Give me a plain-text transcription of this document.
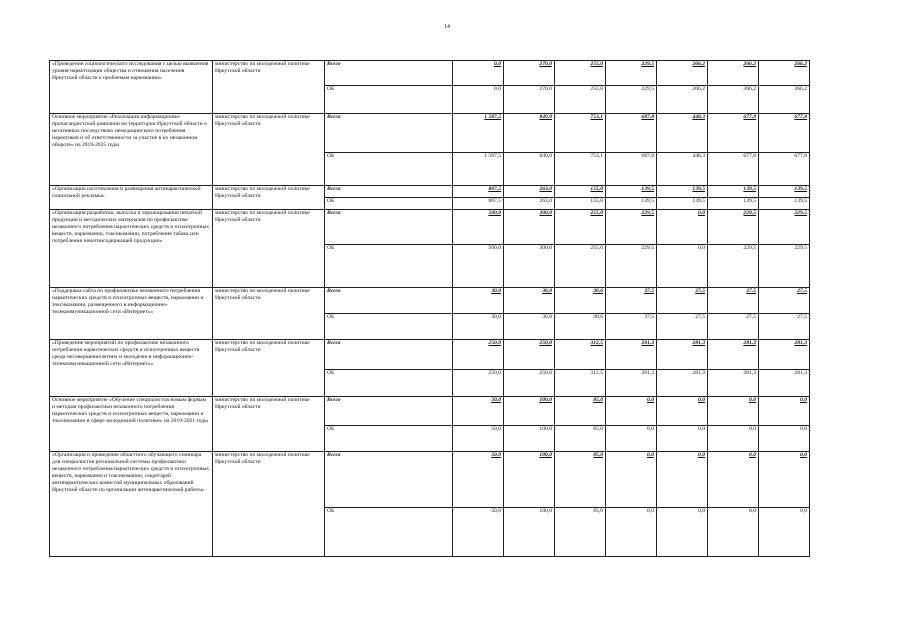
14
«Проведение социологического исследования с целью выявления уровня наркотизации общества и отношения населения Иркутской области к проблемам наркомании»	министерство по молодежной политике Иркутской области	Всего	0,0	270,0	255,0	229,5	266,2	266,2	266,2
		ОБ	0,0	270,0	255,0	229,5	266,2	266,2	266,2
Основное мероприятие «Реализация информационно-пропагандистской кампании на территории Иркутской области о негативных последствиях немедицинского потребления наркотиков и об ответственности за участие в их незаконном обороте» на 2019-2025 годы	министерство по молодежной политике Иркутской области	Всего	1 587,5	849,0	753,1	687,8	448,3	677,8	677,8
		ОБ	1 587,5	849,0	753,1	687,8	448,3	677,8	677,8
«Организация изготовления и размещения антинаркотической социальной рекламы»	министерство по молодежной политике Иркутской области	Всего	807,5	263,0	155,0	139,5	139,5	139,5	139,5
		ОБ	807,5	263,0	155,0	139,5	139,5	139,5	139,5
«Организация разработки, выпуска и тиражирования печатной продукции и методических материалов по профилактике незаконного потребления наркотических средств и психотропных веществ, наркомании, токсикомании, потребления табака или потребления никотинсодержащей продукции»	министерство по молодежной политике Иркутской области	Всего	500,0	300,0	255,0	229,5	0,0	229,5	229,5
		ОБ	500,0	300,0	255,0	229,5	0,0	229,5	229,5
«Поддержка сайта по профилактике незаконного потребления наркотических средств и психотропных веществ, наркомании и токсикомании, размещенного в информационно-телекоммуникационной сети «Интернет»»	министерство по молодежной политике Иркутской области	Всего	30,0	36,0	30,6	37,5	27,5	27,5	27,5
		ОБ	30,0	36,0	30,6	37,5	27,5	27,5	27,5
«Проведение мероприятий по профилактике незаконного потребления наркотических средств и психотропных веществ среди несовершеннолетних и молодежи в информационно-телекоммуникационной сети «Интернет»»	министерство по молодежной политике Иркутской области	Всего	250,0	250,0	312,5	281,3	281,3	281,3	281,3
		ОБ	250,0	250,0	312,5	281,3	281,3	281,3	281,3
Основное мероприятие «Обучение специалистов новым формам и методам профилактики незаконного потребления наркотических средств и психотропных веществ, наркомании и токсикомании в сфере молодежной политики» на 2019-2021 годы	министерство по молодежной политике Иркутской области	Всего	50,0	100,0	85,0	0,0	0,0	0,0	0,0
		ОБ	50,0	100,0	85,0	0,0	0,0	0,0	0,0
«Организация и проведение областного обучающего семинара для специалистов региональной системы профилактики незаконного потребления наркотических средств и психотропных веществ, наркомании и токсикомании, секретарей антинаркотических комиссий муниципальных образований Иркутской области по организации антинаркотической работы»	министерство по молодежной политике Иркутской области	Всего	50,0	100,0	85,0	0,0	0,0	0,0	0,0
		ОБ	50,0	100,0	85,0	0,0	0,0	0,0	0,0
